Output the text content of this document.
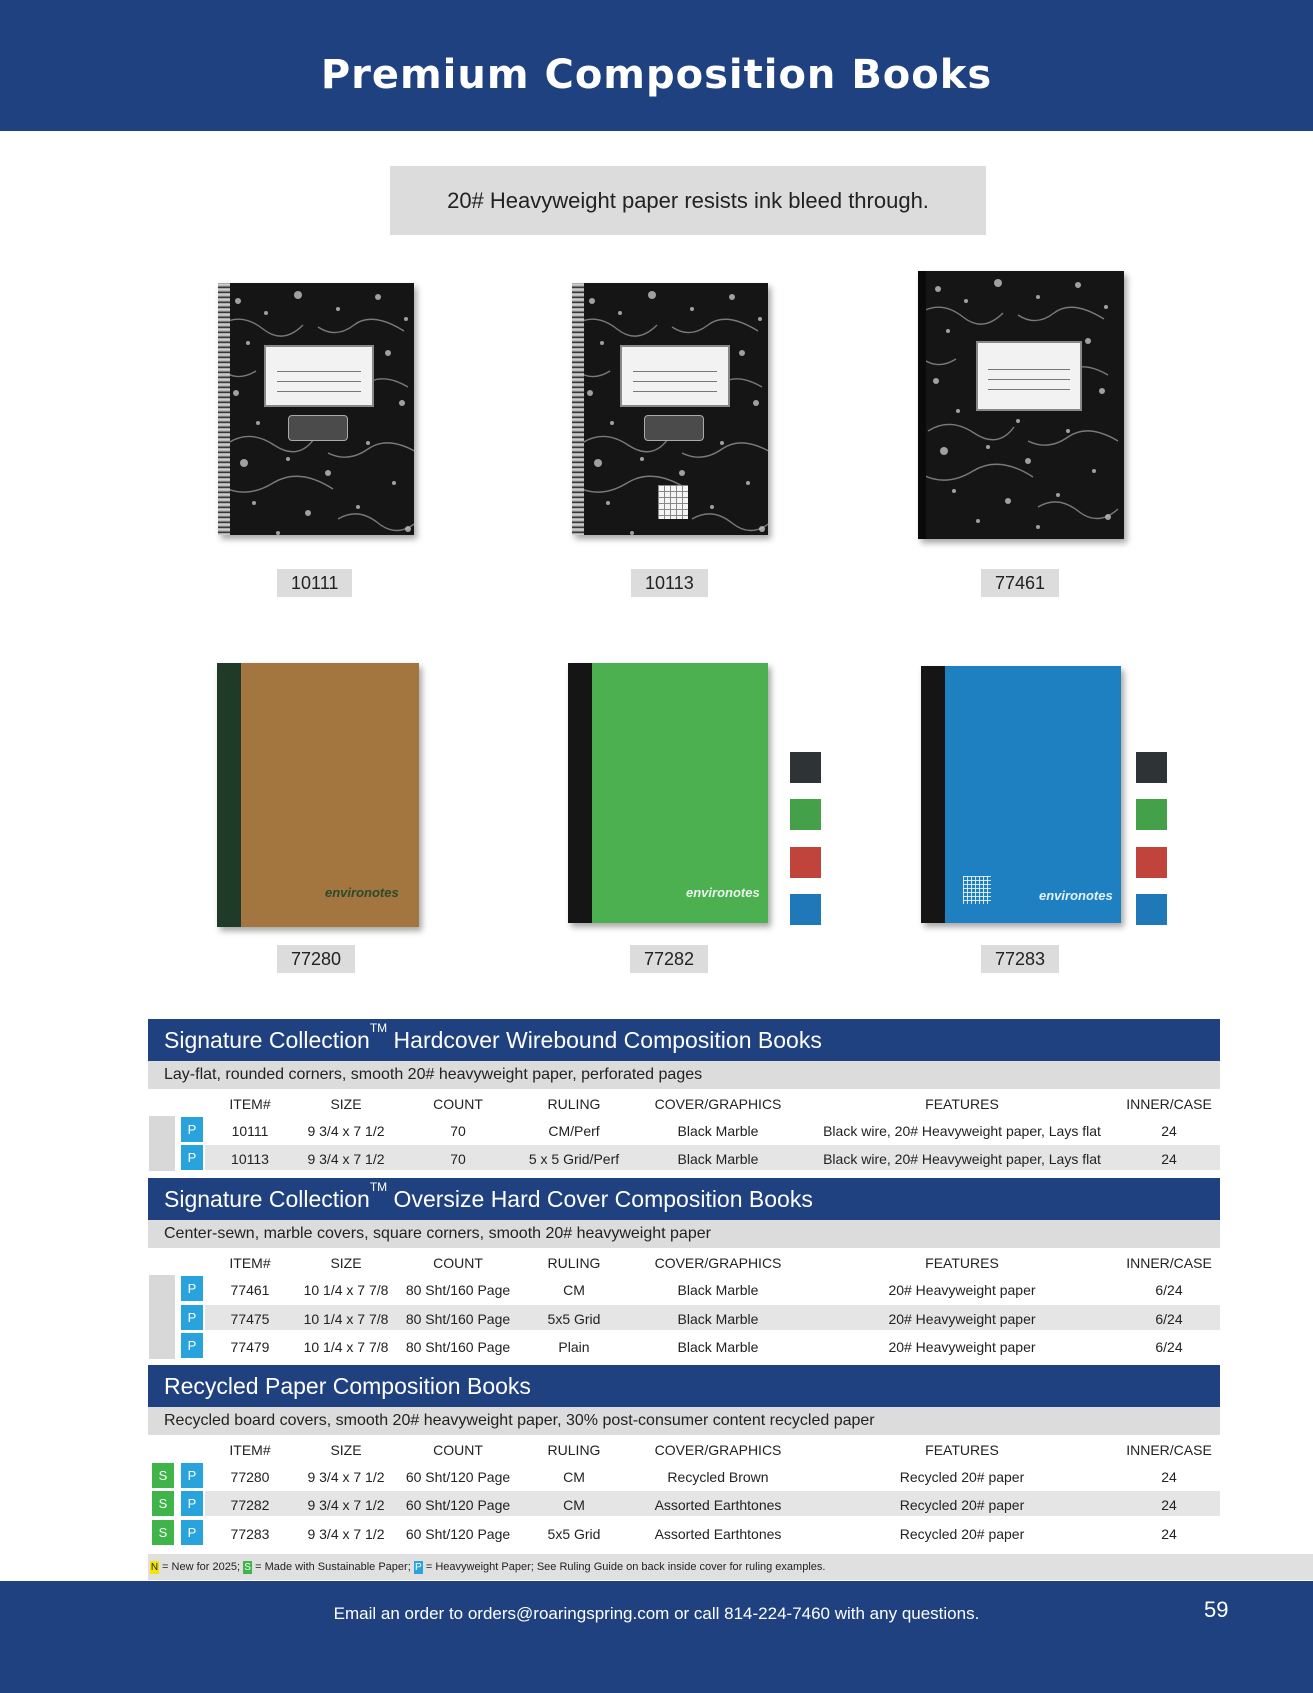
Premium Composition Books
20# Heavyweight paper resists ink bleed through.
10111	10113	77461
environotes
77280
environotes
77282
environotes
77283
Signature Collection™ Hardcover Wirebound Composition Books
Lay-flat, rounded corners, smooth 20# heavyweight paper, perforated pages
ITEM#	SIZE	COUNT	RULING	COVER/GRAPHICS	FEATURES	INNER/CASE
P	10111	9 3/4 x 7 1/2	70	CM/Perf	Black Marble	Black wire, 20# Heavyweight paper, Lays flat	24
P	10113	9 3/4 x 7 1/2	70	5 x 5 Grid/Perf	Black Marble	Black wire, 20# Heavyweight paper, Lays flat	24
Signature Collection™ Oversize Hard Cover Composition Books
Center-sewn, marble covers, square corners, smooth 20# heavyweight paper
ITEM#	SIZE	COUNT	RULING	COVER/GRAPHICS	FEATURES	INNER/CASE
P	77461	10 1/4 x 7 7/8	80 Sht/160 Page	CM	Black Marble	20# Heavyweight paper	6/24
P	77475	10 1/4 x 7 7/8	80 Sht/160 Page	5x5 Grid	Black Marble	20# Heavyweight paper	6/24
P	77479	10 1/4 x 7 7/8	80 Sht/160 Page	Plain	Black Marble	20# Heavyweight paper	6/24
Recycled Paper Composition Books
Recycled board covers, smooth 20# heavyweight paper, 30% post-consumer content recycled paper
ITEM#	SIZE	COUNT	RULING	COVER/GRAPHICS	FEATURES	INNER/CASE
S	P	77280	9 3/4 x 7 1/2	60 Sht/120 Page	CM	Recycled Brown	Recycled 20# paper	24
S	P	77282	9 3/4 x 7 1/2	60 Sht/120 Page	CM	Assorted Earthtones	Recycled 20# paper	24
S	P	77283	9 3/4 x 7 1/2	60 Sht/120 Page	5x5 Grid	Assorted Earthtones	Recycled 20# paper	24
N = New for 2025; S = Made with Sustainable Paper; P = Heavyweight Paper; See Ruling Guide on back inside cover for ruling examples.
Email an order to orders@roaringspring.com or call 814-224-7460 with any questions.	59
